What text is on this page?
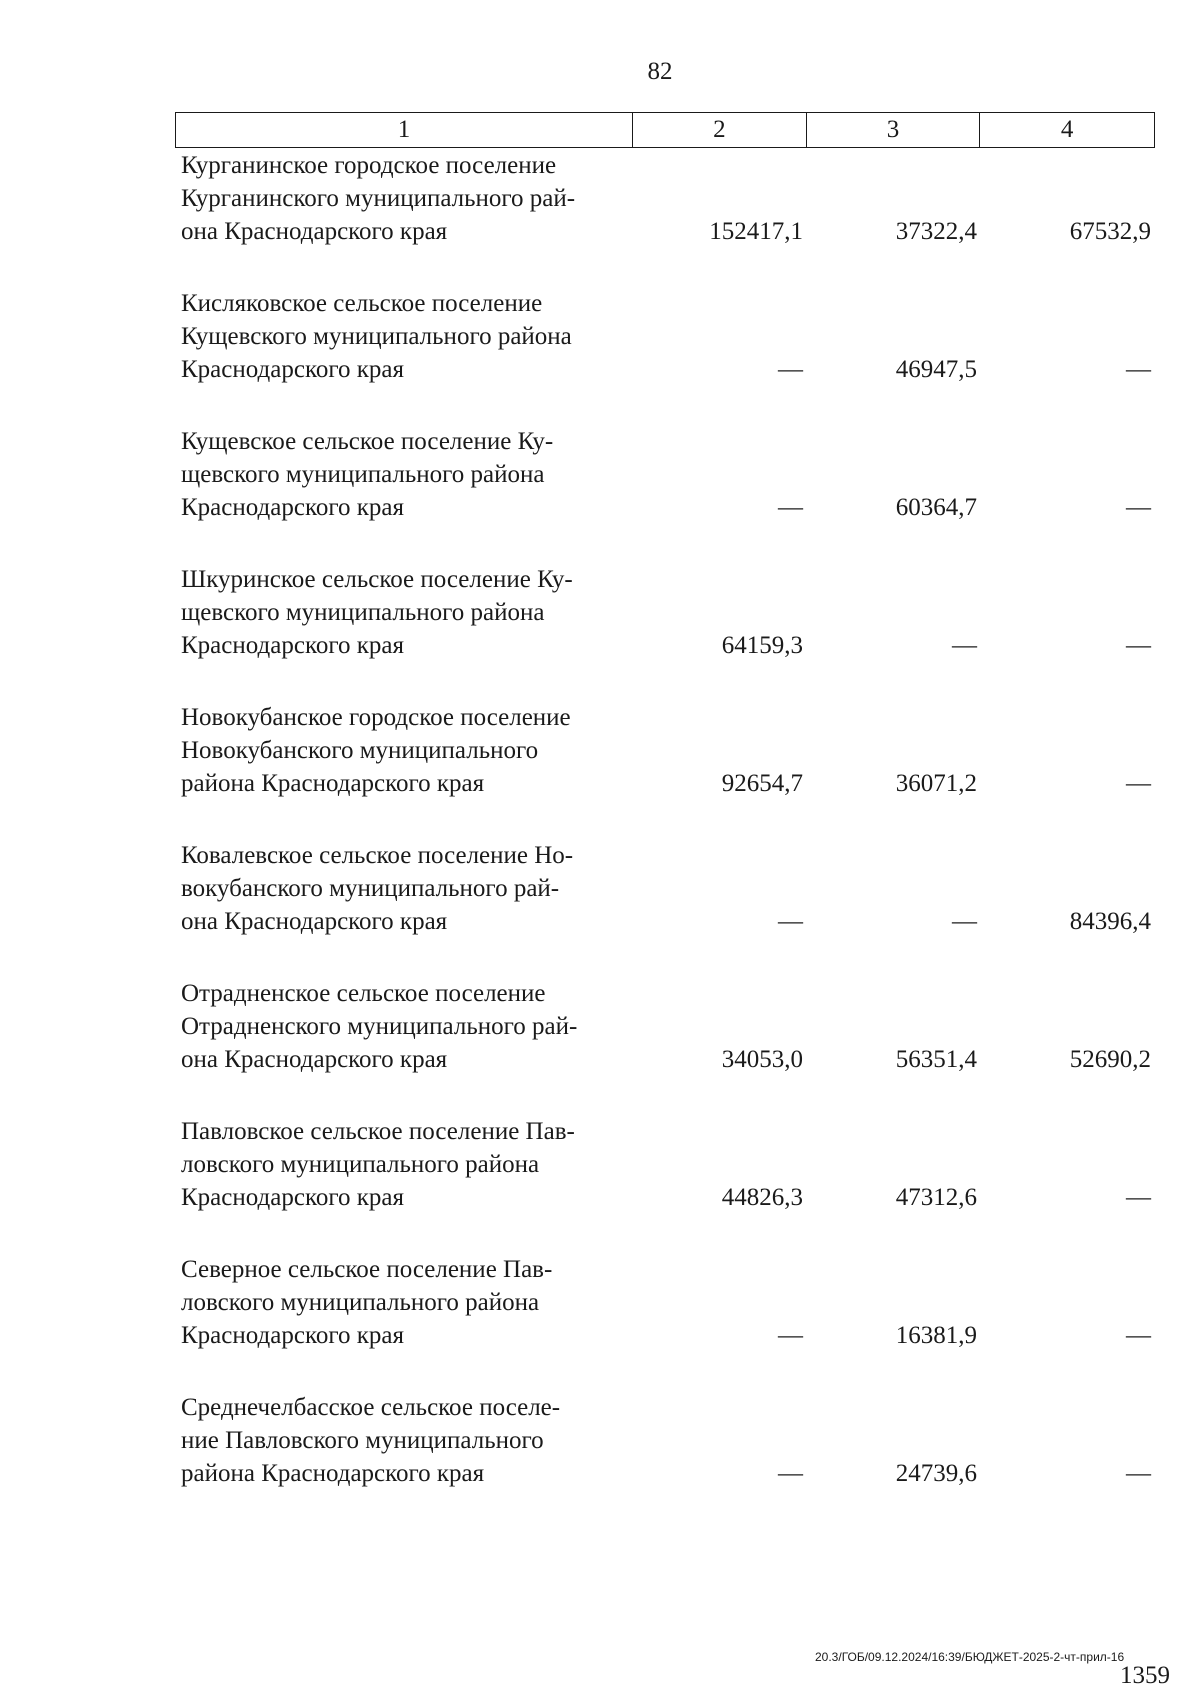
82
1	2	3	4
Курганинское городское поселение
Курганинского муниципального рай-
она Краснодарского края	152417,1	37322,4	67532,9
Кисляковское сельское поселение
Кущевского муниципального района
Краснодарского края	—	46947,5	—
Кущевское сельское поселение Ку-
щевского муниципального района
Краснодарского края	—	60364,7	—
Шкуринское сельское поселение Ку-
щевского муниципального района
Краснодарского края	64159,3	—	—
Новокубанское городское поселение
Новокубанского муниципального
района Краснодарского края	92654,7	36071,2	—
Ковалевское сельское поселение Но-
вокубанского муниципального рай-
она Краснодарского края	—	—	84396,4
Отрадненское сельское поселение
Отрадненского муниципального рай-
она Краснодарского края	34053,0	56351,4	52690,2
Павловское сельское поселение Пав-
ловского муниципального района
Краснодарского края	44826,3	47312,6	—
Северное сельское поселение Пав-
ловского муниципального района
Краснодарского края	—	16381,9	—
Среднечелбасское сельское поселе-
ние Павловского муниципального
района Краснодарского края	—	24739,6	—
20.3/ГОБ/09.12.2024/16:39/БЮДЖЕТ-2025-2-чт-прил-16
1359
